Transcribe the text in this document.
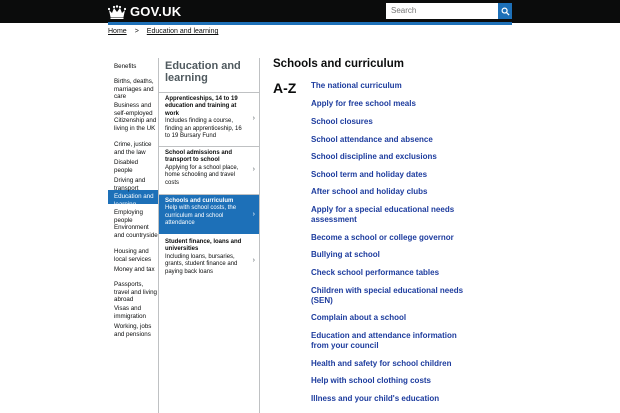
GOV.UK
Search
Home > Education and learning
Benefits
Births, deaths, marriages and care
Business and self-employed
Citizenship and living in the UK
Crime, justice and the law
Disabled people
Driving and transport
Education and learning
Employing people
Environment and countryside
Housing and local services
Money and tax
Passports, travel and living abroad
Visas and immigration
Working, jobs and pensions
Education and learning
Apprenticeships, 14 to 19 education and training at work
Includes finding a course, finding an apprenticeship, 16 to 19 Bursary Fund
›
School admissions and transport to school
Applying for a school place, home schooling and travel costs
›
Schools and curriculum
Help with school costs, the curriculum and school attendance
›
Student finance, loans and universities
Including loans, bursaries, grants, student finance and paying back loans
›
Schools and curriculum
A-Z The national curriculum
Apply for free school meals
School closures
School attendance and absence
School discipline and exclusions
School term and holiday dates
After school and holiday clubs
Apply for a special educational needs assessment
Become a school or college governor
Bullying at school
Check school performance tables
Children with special educational needs (SEN)
Complain about a school
Education and attendance information from your council
Health and safety for school children
Help with school clothing costs
Illness and your child's education
